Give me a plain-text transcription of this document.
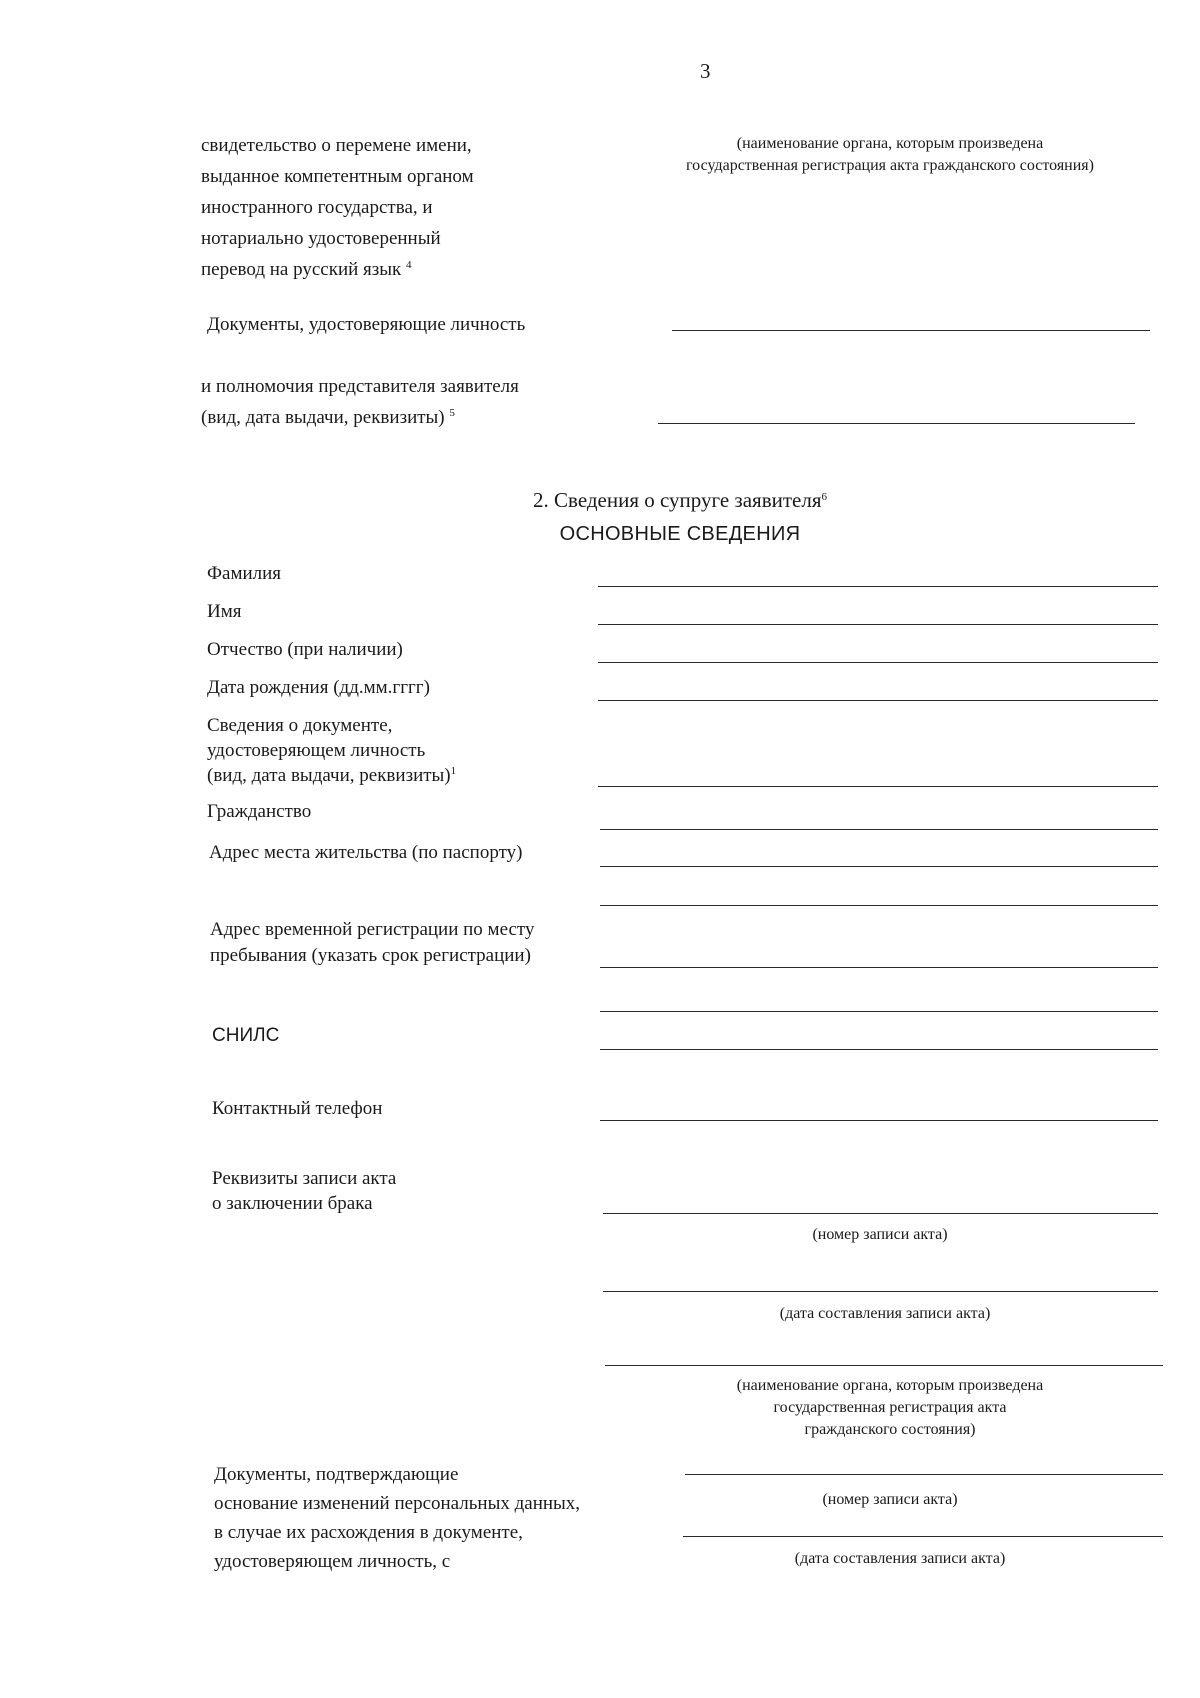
3
свидетельство о перемене имени,
выданное компетентным органом
иностранного государства, и
нотариально удостоверенный
перевод на русский язык $^4$
(наименование органа, которым произведена
государственная регистрация акта гражданского состояния)
Документы, удостоверяющие личность
и полномочия представителя заявителя
(вид, дата выдачи, реквизиты) $^5$
2. Сведения о супруге заявителя$^6$
ОСНОВНЫЕ СВЕДЕНИЯ
Фамилия
Имя
Отчество (при наличии)
Дата рождения (дд.мм.гггг)
Сведения о документе,
удостоверяющем личность
(вид, дата выдачи, реквизиты)$^1$
Гражданство
Адрес места жительства (по паспорту)
Адрес временной регистрации по месту
пребывания (указать срок регистрации)
СНИЛС
Контактный телефон
Реквизиты записи акта
о заключении брака
(номер записи акта)
(дата составления записи акта)
(наименование органа, которым произведена
государственная регистрация акта
гражданского состояния)
Документы, подтверждающие
основание изменений персональных данных,
в случае их расхождения в документе,
удостоверяющем личность, с
(номер записи акта)
(дата составления записи акта)
